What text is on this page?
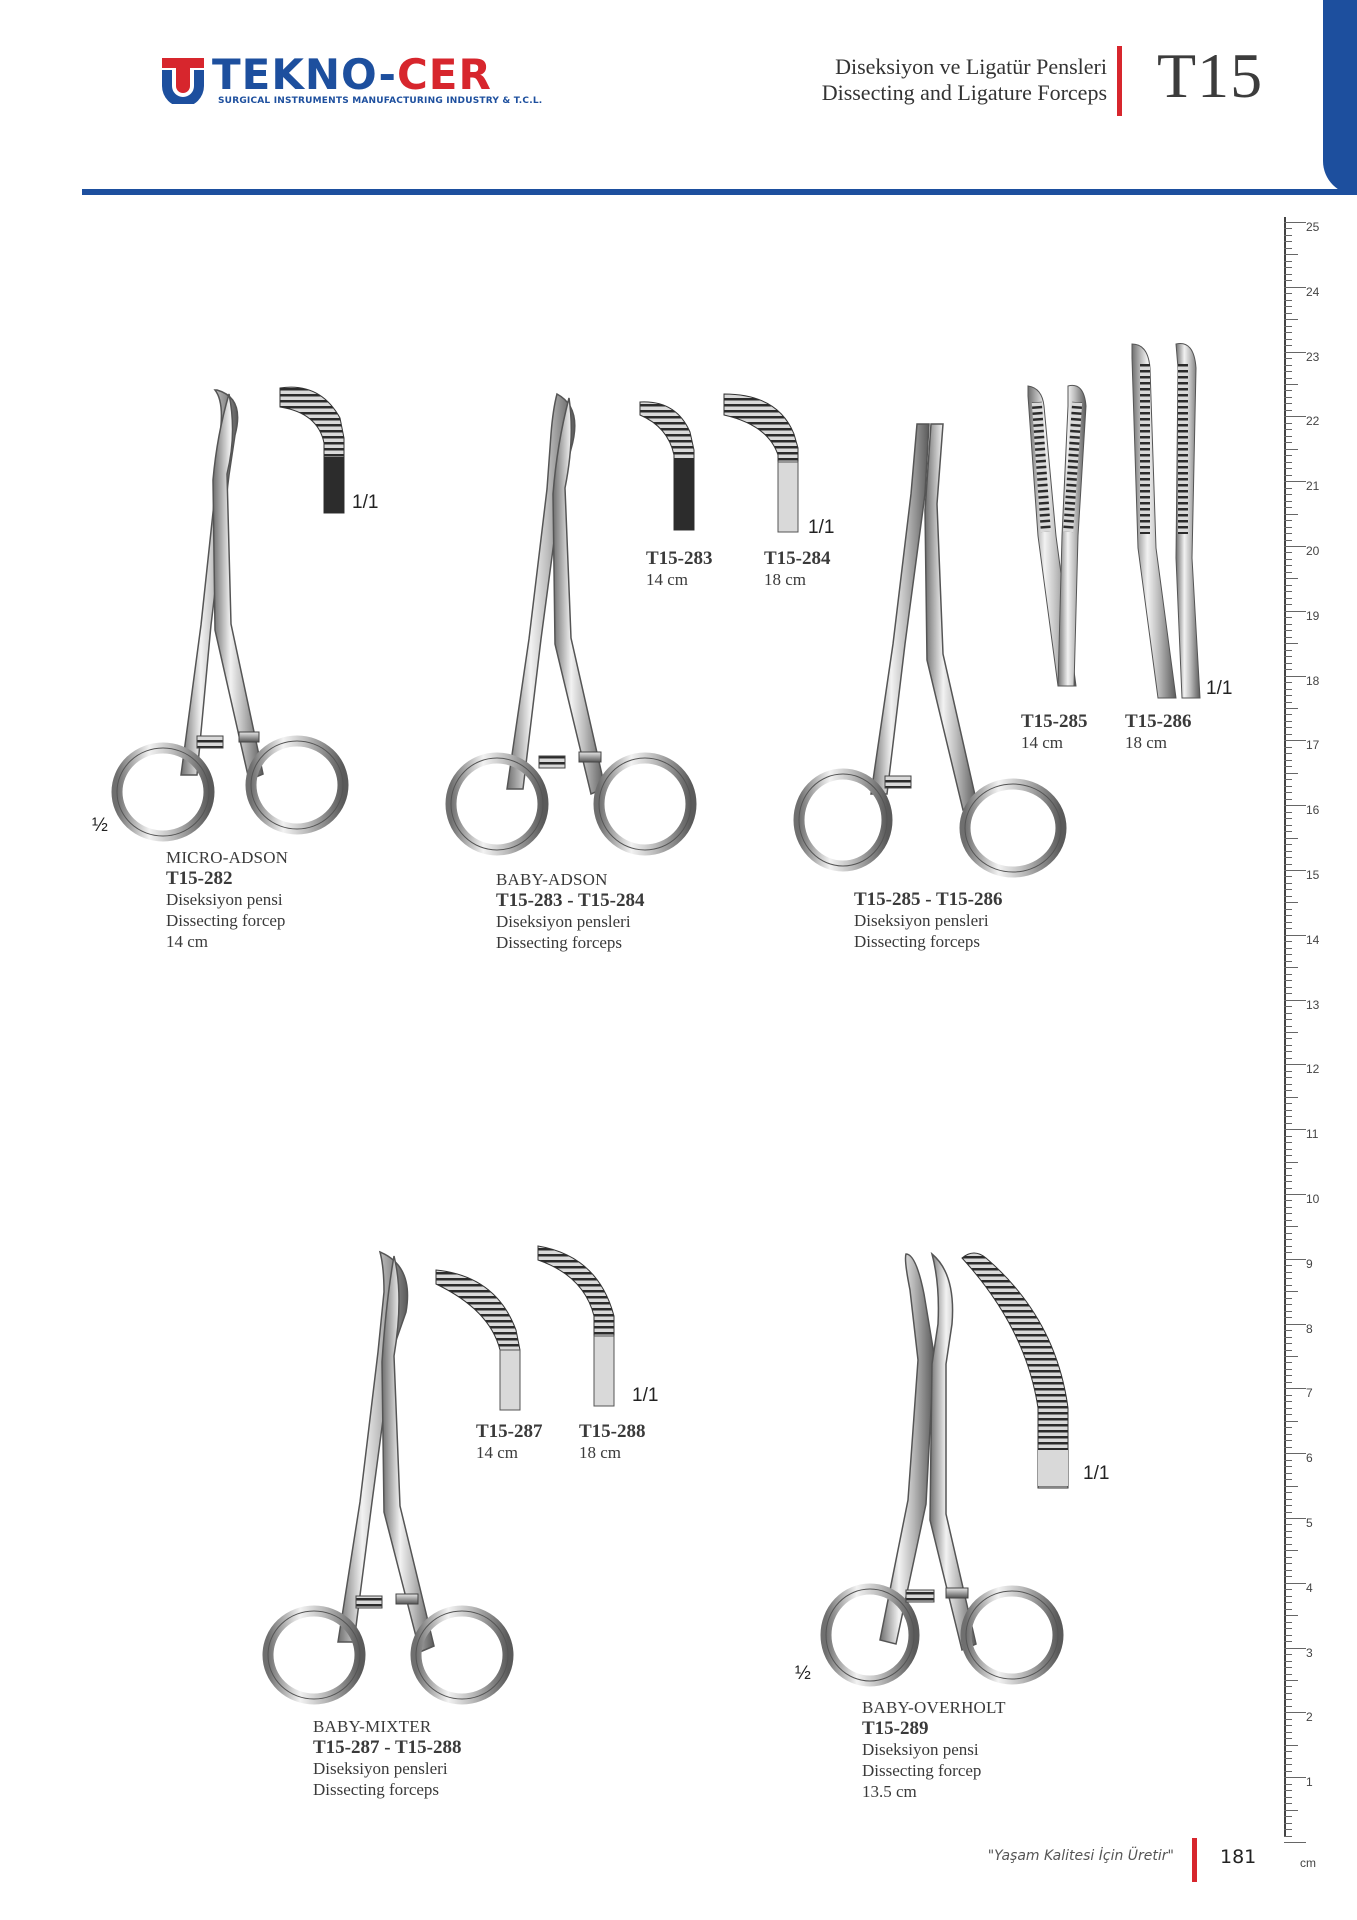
TEKNO-CER
SURGICAL INSTRUMENTS MANUFACTURING INDUSTRY & T.C.L.
Diseksiyon ve Ligatür Pensleri
Dissecting and Ligature Forceps T15
25
24
23
22
21
20
19
18
17
16
15
14
13
12
11
10
9
8
7
6
5
4
3
2
1
cm
½
1/1
1/1
1/1
1/1
½
1/1
MICRO-ADSON
T15-282
Diseksiyon pensi
Dissecting forcep
14 cm
T15-283
14 cm
T15-284
18 cm
BABY-ADSON
T15-283 - T15-284
Diseksiyon pensleri
Dissecting forceps
T15-285
14 cm
T15-286
18 cm
T15-285 - T15-286
Diseksiyon pensleri
Dissecting forceps
T15-287
14 cm
T15-288
18 cm
BABY-MIXTER
T15-287 - T15-288
Diseksiyon pensleri
Dissecting forceps
BABY-OVERHOLT
T15-289
Diseksiyon pensi
Dissecting forcep
13.5 cm
"Yaşam Kalitesi İçin Üretir" 181
